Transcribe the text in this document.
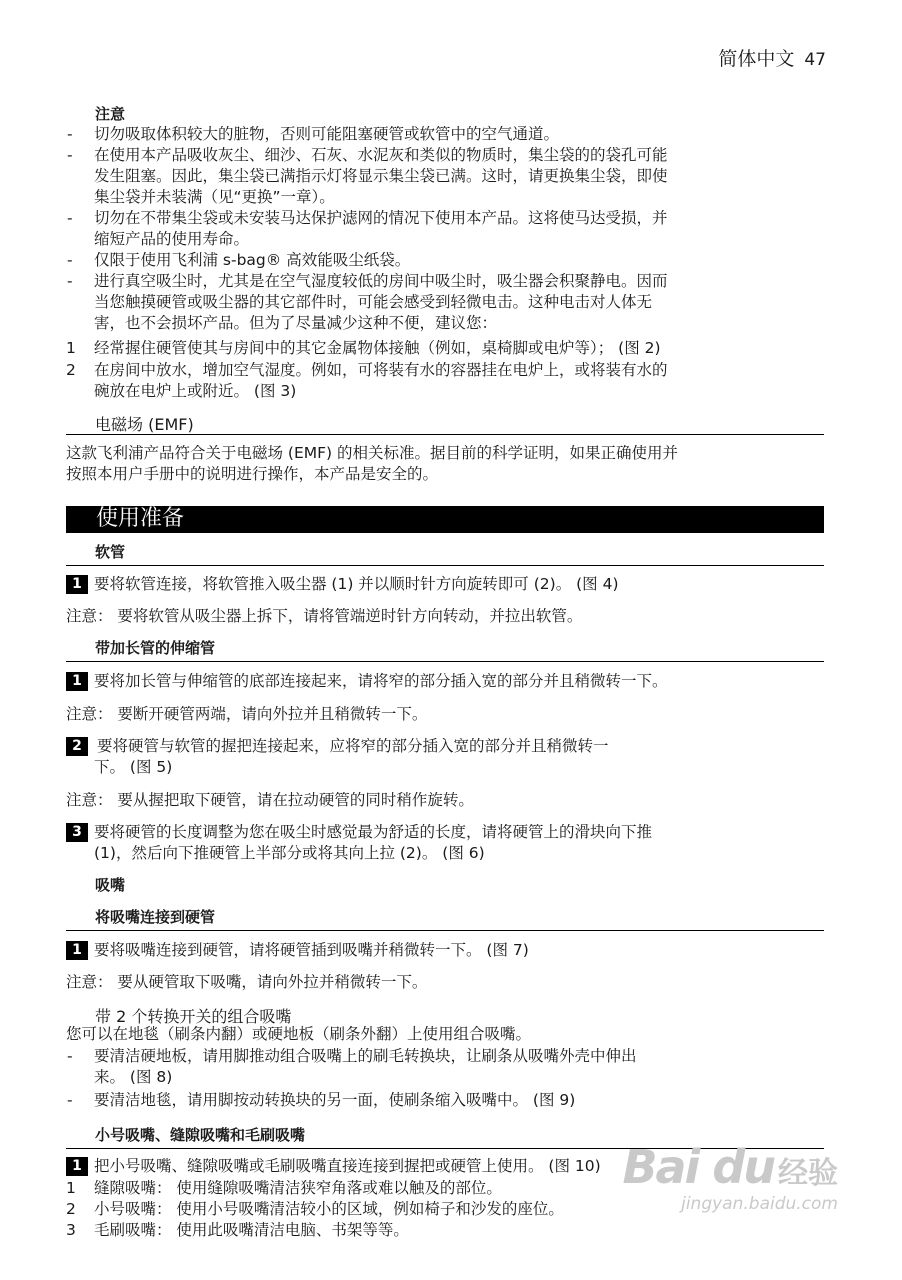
简体中文 47
注意
- 切勿吸取体积较大的脏物，否则可能阻塞硬管或软管中的空气通道。
- 在使用本产品吸收灰尘、细沙、石灰、水泥灰和类似的物质时，集尘袋的的袋孔可能
发生阻塞。因此，集尘袋已满指示灯将显示集尘袋已满。这时，请更换集尘袋，即使
集尘袋并未装满（见“更换”一章）。
- 切勿在不带集尘袋或未安装马达保护滤网的情况下使用本产品。这将使马达受损，并
缩短产品的使用寿命。
- 仅限于使用飞利浦 s-bag® 高效能吸尘纸袋。
- 进行真空吸尘时，尤其是在空气湿度较低的房间中吸尘时，吸尘器会积聚静电。因而
当您触摸硬管或吸尘器的其它部件时，可能会感受到轻微电击。这种电击对人体无
害，也不会损坏产品。但为了尽量减少这种不便，建议您：
1 经常握住硬管使其与房间中的其它金属物体接触（例如，桌椅脚或电炉等）； (图 2)
2 在房间中放水，增加空气湿度。例如，可将装有水的容器挂在电炉上，或将装有水的
碗放在电炉上或附近。 (图 3)
电磁场 (EMF)
这款飞利浦产品符合关于电磁场 (EMF) 的相关标准。据目前的科学证明，如果正确使用并
按照本用户手册中的说明进行操作，本产品是安全的。
使用准备
软管
1 要将软管连接，将软管推入吸尘器 (1) 并以顺时针方向旋转即可 (2)。 (图 4)
注意： 要将软管从吸尘器上拆下，请将管端逆时针方向转动，并拉出软管。
带加长管的伸缩管
1 要将加长管与伸缩管的底部连接起来，请将窄的部分插入宽的部分并且稍微转一下。
注意： 要断开硬管两端，请向外拉并且稍微转一下。
2 要将硬管与软管的握把连接起来，应将窄的部分插入宽的部分并且稍微转一
下。 (图 5)
注意： 要从握把取下硬管，请在拉动硬管的同时稍作旋转。
3 要将硬管的长度调整为您在吸尘时感觉最为舒适的长度，请将硬管上的滑块向下推
(1)，然后向下推硬管上半部分或将其向上拉 (2)。 (图 6)
吸嘴
将吸嘴连接到硬管
1 要将吸嘴连接到硬管，请将硬管插到吸嘴并稍微转一下。 (图 7)
注意： 要从硬管取下吸嘴，请向外拉并稍微转一下。
带 2 个转换开关的组合吸嘴
您可以在地毯（刷条内翻）或硬地板（刷条外翻）上使用组合吸嘴。
- 要清洁硬地板，请用脚推动组合吸嘴上的刷毛转换块，让刷条从吸嘴外壳中伸出
来。 (图 8)
- 要清洁地毯，请用脚按动转换块的另一面，使刷条缩入吸嘴中。 (图 9)
小号吸嘴、缝隙吸嘴和毛刷吸嘴
1 把小号吸嘴、缝隙吸嘴或毛刷吸嘴直接连接到握把或硬管上使用。 (图 10)
1 缝隙吸嘴： 使用缝隙吸嘴清洁狭窄角落或难以触及的部位。
2 小号吸嘴： 使用小号吸嘴清洁较小的区域，例如椅子和沙发的座位。
3 毛刷吸嘴： 使用此吸嘴清洁电脑、书架等等。
Bai du 经验
jingyan.baidu.com
